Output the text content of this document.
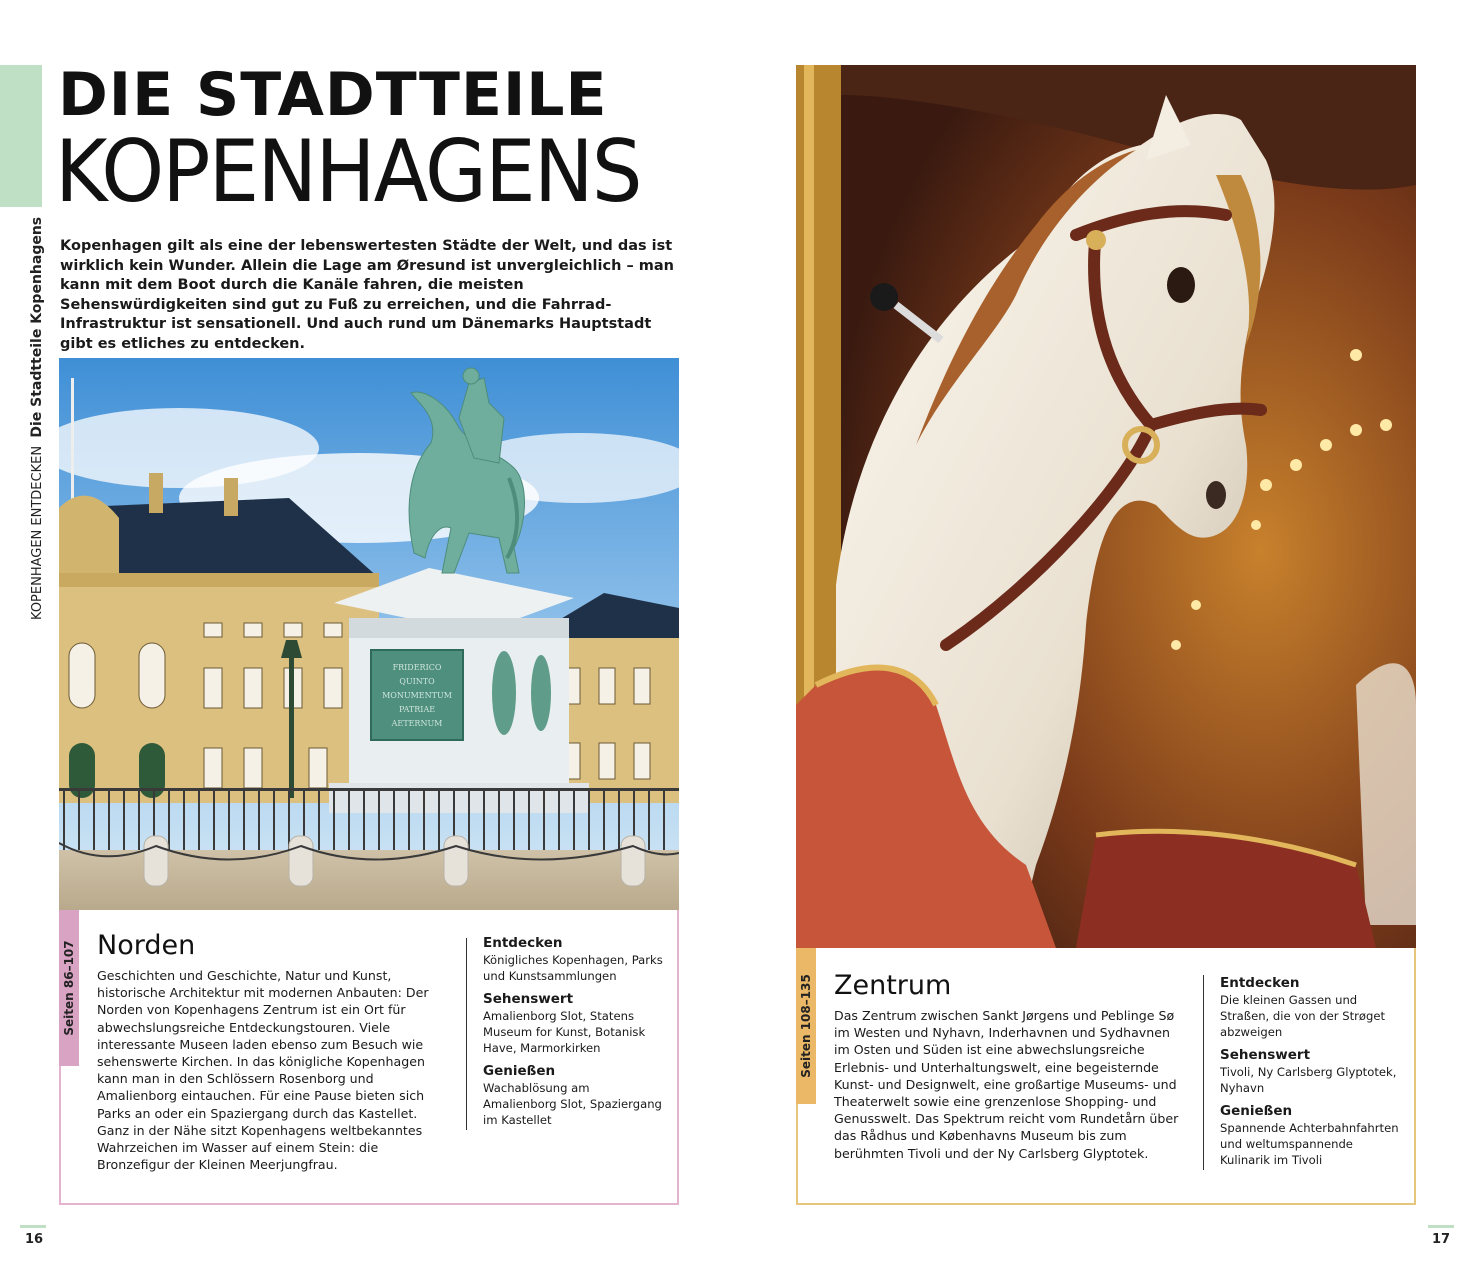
DIE STADTTEILE
KOPENHAGENS
KOPENHAGEN ENTDECKEN  Die Stadtteile Kopenhagens	Kopenhagen gilt als eine der lebenswertesten Städte der Welt, und das ist wirklich kein Wunder. Allein die Lage am Øresund ist unvergleichlich – man kann mit dem Boot durch die Kanäle fahren, die meisten Sehenswürdigkeiten sind gut zu Fuß zu erreichen, und die Fahrrad-Infrastruktur ist sensationell. Und auch rund um Dänemarks Hauptstadt gibt es etliches zu entdecken.

FRIDERICO
QUINTO
MONUMENTUM
PATRIAE
AETERNUM
Seiten 86–107 Norden

Geschichten und Geschichte, Natur und Kunst, historische Architektur mit modernen Anbauten: Der Norden von Kopenhagens Zentrum ist ein Ort für abwechslungsreiche Entdeckungstouren. Viele interessante Museen laden ebenso zum Besuch wie sehenswerte Kirchen. In das königliche Kopenhagen kann man in den Schlössern Rosenborg und Amalienborg eintauchen. Für eine Pause bieten sich Parks an oder ein Spaziergang durch das Kastellet. Ganz in der Nähe sitzt Kopenhagens weltbekanntes Wahrzeichen im Wasser auf einem Stein: die Bronzefigur der Kleinen Meerjungfrau.

Entdecken
Königliches Kopenhagen, Parks und Kunstsammlungen
Sehenswert
Amalienborg Slot, Statens Museum for Kunst, Botanisk Have, Marmorkirken
Genießen
Wachablösung am Amalienborg Slot, Spaziergang im Kastellet
16
Seiten 108–135 Zentrum

Das Zentrum zwischen Sankt Jørgens und Peblinge Sø im Westen und Nyhavn, Inderhavnen und Sydhavnen im Osten und Süden ist eine abwechslungsreiche Erlebnis- und Unterhaltungswelt, eine begeisternde Kunst- und Designwelt, eine großartige Museums- und Theaterwelt sowie eine grenzenlose Shopping- und Genusswelt. Das Spektrum reicht vom Rundetårn über das Rådhus und Københavns Museum bis zum berühmten Tivoli und der Ny Carlsberg Glyptotek.

Entdecken
Die kleinen Gassen und Straßen, die von der Strøget abzweigen
Sehenswert
Tivoli, Ny Carlsberg Glyptotek, Nyhavn
Genießen
Spannende Achterbahnfahrten und weltumspannende Kulinarik im Tivoli
17
